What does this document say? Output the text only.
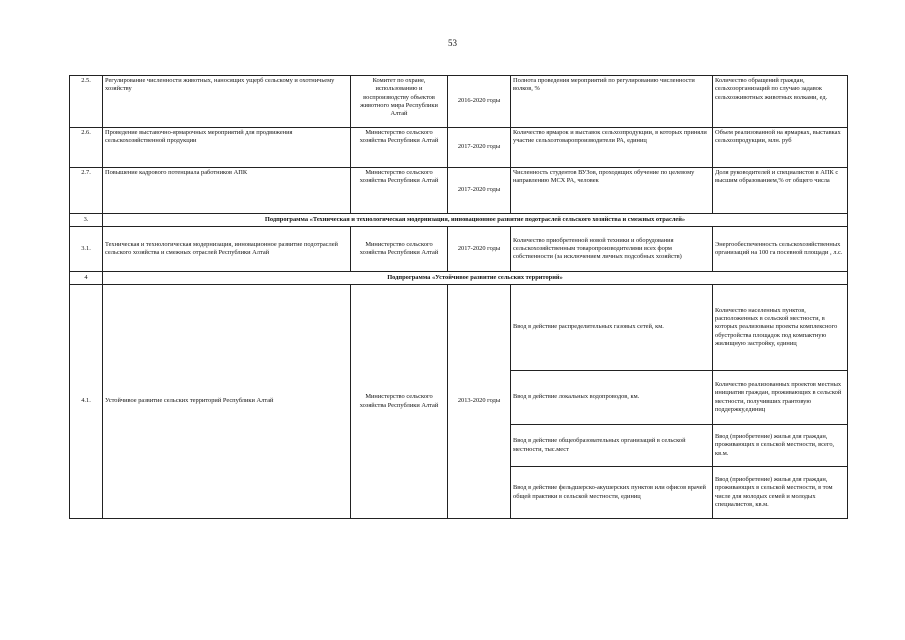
53
2.5.	Регулирование численности животных, наносящих ущерб сельскому и охотничьему хозяйству	Комитет по охране, использованию и воспроизводству объектов животного мира Республики Алтай	2016-2020 годы	Полнота проведения мероприятий по регулированию численности волков, %	Количество обращений граждан, сельхозорганизаций по случаю задавок сельхозживотных животных волками, ед.
2.6.	Проведение выставочно-ярмарочных мероприятий для продвижения сельскохозяйственной продукции	Министерство сельского хозяйства Республики Алтай	2017-2020 годы	Количество ярмарок и выставок сельхозпродукции, в которых приняли участие сельхозтоваропроизводители РА, единиц	Объем реализованной на ярмарках, выставках сельхозпродукции, млн. руб
2.7.	Повышение кадрового потенциала работников АПК	Министерство сельского хозяйства Республики Алтай	2017-2020 годы	Численность студентов ВУЗов, проходящих обучение по целевому направлению МСХ РА, человек	Доля руководителей и специалистов в АПК с высшим образованием,% от общего числа
3.	Подпрограмма «Техническая и технологическая модернизация, инновационное развитие подотраслей сельского хозяйства и смежных отраслей»				
3.1.	Техническая и технологическая модернизация, инновационное развитие подотраслей сельского хозяйства и смежных отраслей Республики Алтай	Министерство сельского хозяйства Республики Алтай	2017-2020 годы	Количество приобретенной новой техники и оборудования сельскохозяйственным товаропроизводителями всех форм собственности (за исключением личных подсобных хозяйств)	Энергообеспеченность сельскохозяйственных организаций на 100 га посевной площади , л.с.
4	Подпрограмма «Устойчивое развитие сельских территорий»				
4.1.	Устойчивое развитие сельских территорий Республики Алтай	Министерство сельского хозяйства Республики Алтай	2013-2020 годы	Ввод в действие распределительных газовых сетей, км.	Количество населенных пунктов, расположенных в сельской местности, в которых реализованы проекты комплексного обустройства площадок под компактную жилищную застройку, единиц
				Ввод в действие локальных водопроводов, км.	Количество реализованных проектов местных инициатив граждан, проживающих в сельской местности, получивших грантовую поддержку,единиц
				Ввод в действие общеобразовательных организаций в сельской местности, тыс.мест	Ввод (приобретение) жилья для граждан, проживающих в сельской местности, всего, кв.м.
				Ввод в действие фельдшерско-акушерских пунктов или офисов врачей общей практики в сельской местности, единиц	Ввод (приобретение) жилья для граждан, проживающих в сельской местности, в том числе для молодых семей и молодых специалистов, кв.м.
